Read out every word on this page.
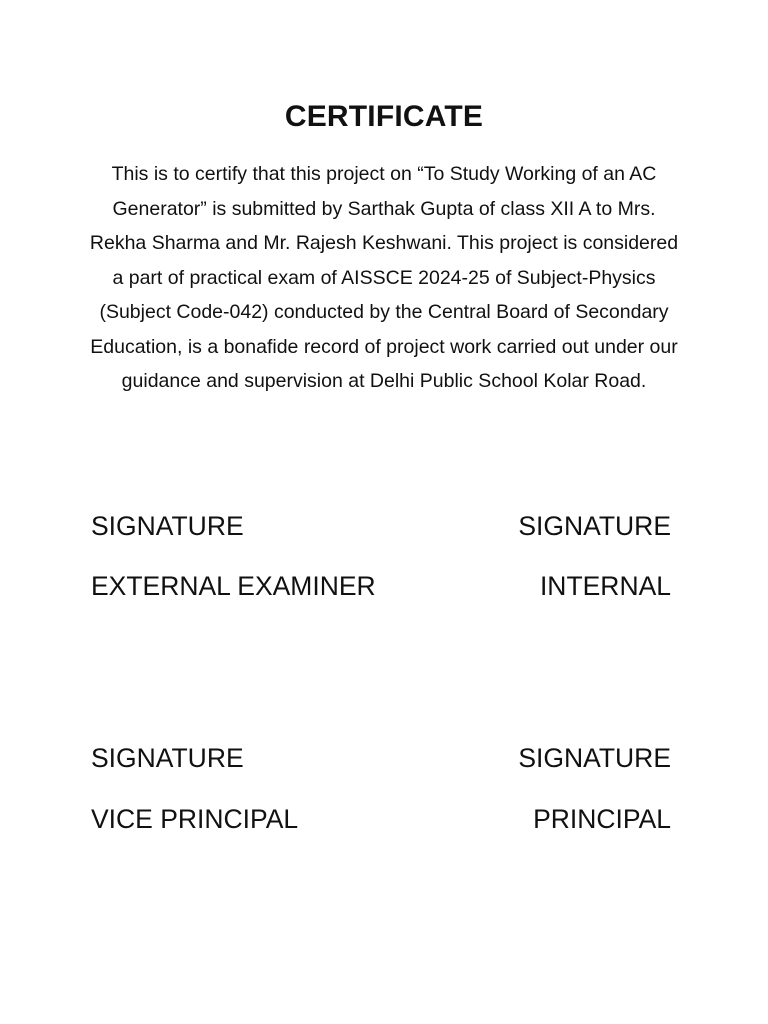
CERTIFICATE
This is to certify that this project on “To Study Working of an AC Generator” is submitted by Sarthak Gupta of class XII A to Mrs. Rekha Sharma and Mr. Rajesh Keshwani. This project is considered a part of practical exam of AISSCE 2024-25 of Subject-Physics (Subject Code-042) conducted by the Central Board of Secondary Education, is a bonafide record of project work carried out under our guidance and supervision at Delhi Public School Kolar Road.
SIGNATURE	SIGNATURE
EXTERNAL EXAMINER	INTERNAL
SIGNATURE	SIGNATURE
VICE PRINCIPAL	PRINCIPAL
